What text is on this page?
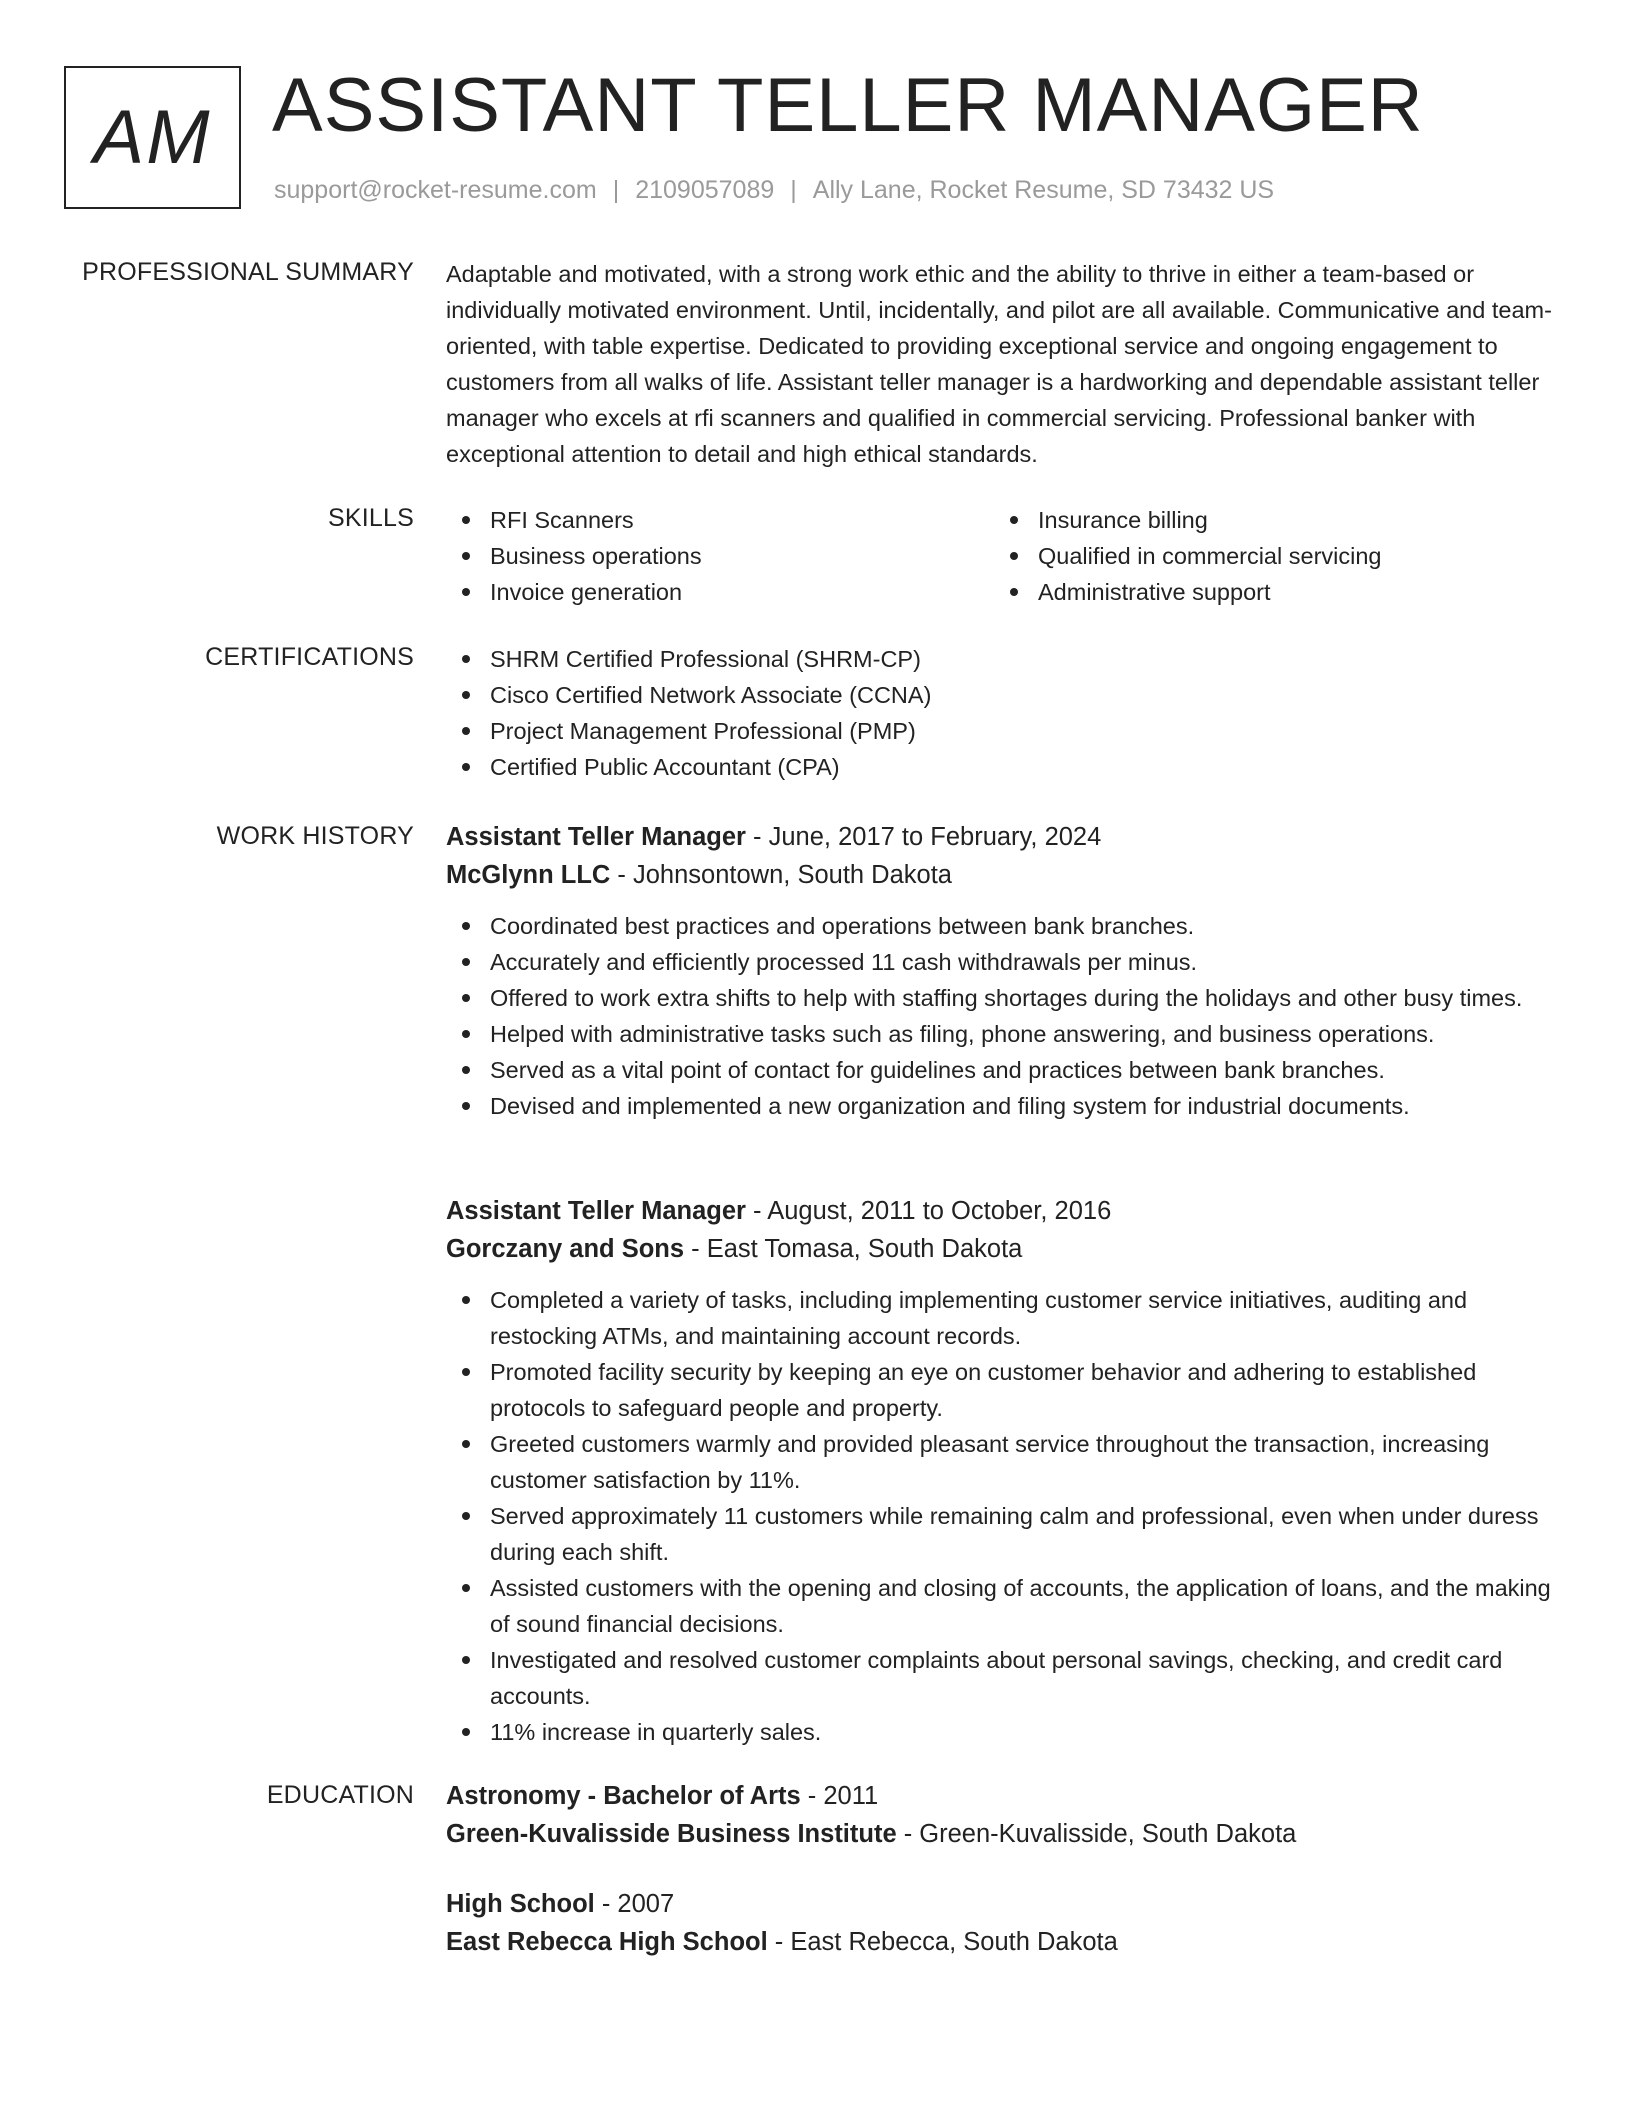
AM ASSISTANT TELLER MANAGER
support@rocket-resume.com | 2109057089 | Ally Lane, Rocket Resume, SD 73432 US
PROFESSIONAL SUMMARY Adaptable and motivated, with a strong work ethic and the ability to thrive in either a team-based or individually motivated environment. Until, incidentally, and pilot are all available. Communicative and team-oriented, with table expertise. Dedicated to providing exceptional service and ongoing engagement to customers from all walks of life. Assistant teller manager is a hardworking and dependable assistant teller manager who excels at rfi scanners and qualified in commercial servicing. Professional banker with exceptional attention to detail and high ethical standards.
SKILLS	RFI Scanners
Business operations
Invoice generation
Insurance billing
Qualified in commercial servicing
Administrative support
CERTIFICATIONS	SHRM Certified Professional (SHRM-CP)
Cisco Certified Network Associate (CCNA)
Project Management Professional (PMP)
Certified Public Accountant (CPA)
WORK HISTORY Assistant Teller Manager - June, 2017 to February, 2024
McGlynn LLC - Johnsontown, South Dakota
Coordinated best practices and operations between bank branches.
Accurately and efficiently processed 11 cash withdrawals per minus.
Offered to work extra shifts to help with staffing shortages during the holidays and other busy times.
Helped with administrative tasks such as filing, phone answering, and business operations.
Served as a vital point of contact for guidelines and practices between bank branches.
Devised and implemented a new organization and filing system for industrial documents.
Assistant Teller Manager - August, 2011 to October, 2016
Gorczany and Sons - East Tomasa, South Dakota
Completed a variety of tasks, including implementing customer service initiatives, auditing and restocking ATMs, and maintaining account records.
Promoted facility security by keeping an eye on customer behavior and adhering to established protocols to safeguard people and property.
Greeted customers warmly and provided pleasant service throughout the transaction, increasing customer satisfaction by 11%.
Served approximately 11 customers while remaining calm and professional, even when under duress during each shift.
Assisted customers with the opening and closing of accounts, the application of loans, and the making of sound financial decisions.
Investigated and resolved customer complaints about personal savings, checking, and credit card accounts.
11% increase in quarterly sales.
EDUCATION Astronomy - Bachelor of Arts - 2011
Green-Kuvalisside Business Institute - Green-Kuvalisside, South Dakota
High School - 2007
East Rebecca High School - East Rebecca, South Dakota
